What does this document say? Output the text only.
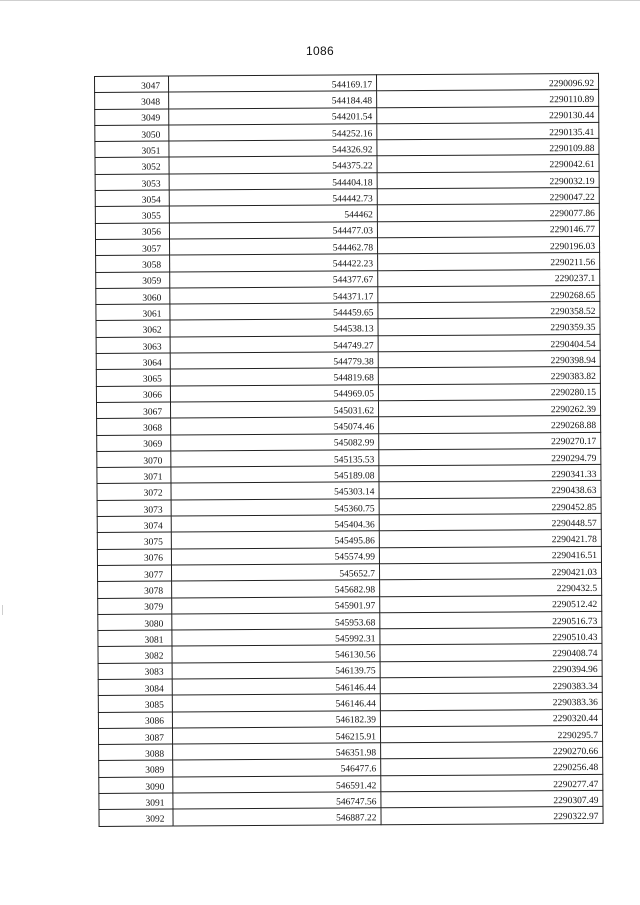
1086
3047	544169.17	2290096.92
3048	544184.48	2290110.89
3049	544201.54	2290130.44
3050	544252.16	2290135.41
3051	544326.92	2290109.88
3052	544375.22	2290042.61
3053	544404.18	2290032.19
3054	544442.73	2290047.22
3055	544462	2290077.86
3056	544477.03	2290146.77
3057	544462.78	2290196.03
3058	544422.23	2290211.56
3059	544377.67	2290237.1
3060	544371.17	2290268.65
3061	544459.65	2290358.52
3062	544538.13	2290359.35
3063	544749.27	2290404.54
3064	544779.38	2290398.94
3065	544819.68	2290383.82
3066	544969.05	2290280.15
3067	545031.62	2290262.39
3068	545074.46	2290268.88
3069	545082.99	2290270.17
3070	545135.53	2290294.79
3071	545189.08	2290341.33
3072	545303.14	2290438.63
3073	545360.75	2290452.85
3074	545404.36	2290448.57
3075	545495.86	2290421.78
3076	545574.99	2290416.51
3077	545652.7	2290421.03
3078	545682.98	2290432.5
3079	545901.97	2290512.42
3080	545953.68	2290516.73
3081	545992.31	2290510.43
3082	546130.56	2290408.74
3083	546139.75	2290394.96
3084	546146.44	2290383.34
3085	546146.44	2290383.36
3086	546182.39	2290320.44
3087	546215.91	2290295.7
3088	546351.98	2290270.66
3089	546477.6	2290256.48
3090	546591.42	2290277.47
3091	546747.56	2290307.49
3092	546887.22	2290322.97
